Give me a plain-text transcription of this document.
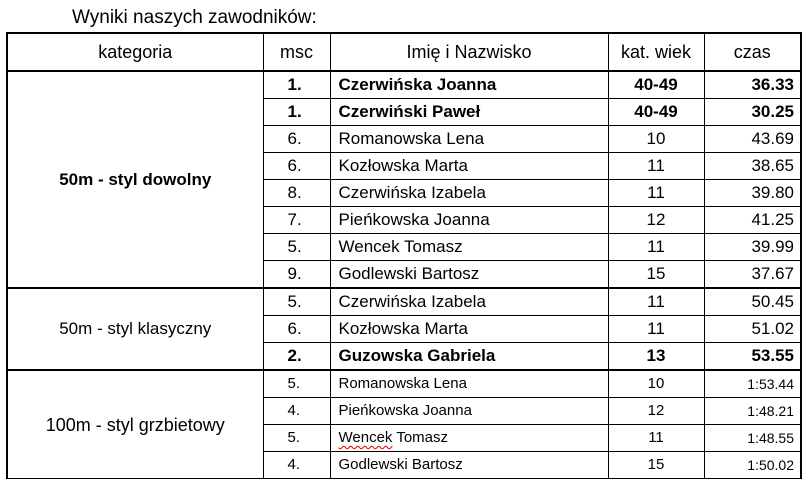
Wyniki naszych zawodników:
kategoria	msc	Imię i Nazwisko	kat. wiek	czas
50m - styl dowolny	1.	Czerwińska Joanna	40-49	36.33
	1.	Czerwiński Paweł	40-49	30.25
	6.	Romanowska Lena	10	43.69
	6.	Kozłowska Marta	11	38.65
	8.	Czerwińska Izabela	11	39.80
	7.	Pieńkowska Joanna	12	41.25
	5.	Wencek Tomasz	11	39.99
	9.	Godlewski Bartosz	15	37.67
50m - styl klasyczny	5.	Czerwińska Izabela	11	50.45
	6.	Kozłowska Marta	11	51.02
	2.	Guzowska Gabriela	13	53.55
100m - styl grzbietowy	5.	Romanowska Lena	10	1:53.44
	4.	Pieńkowska Joanna	12	1:48.21
	5.	Wencek Tomasz	11	1:48.55
	4.	Godlewski Bartosz	15	1:50.02
